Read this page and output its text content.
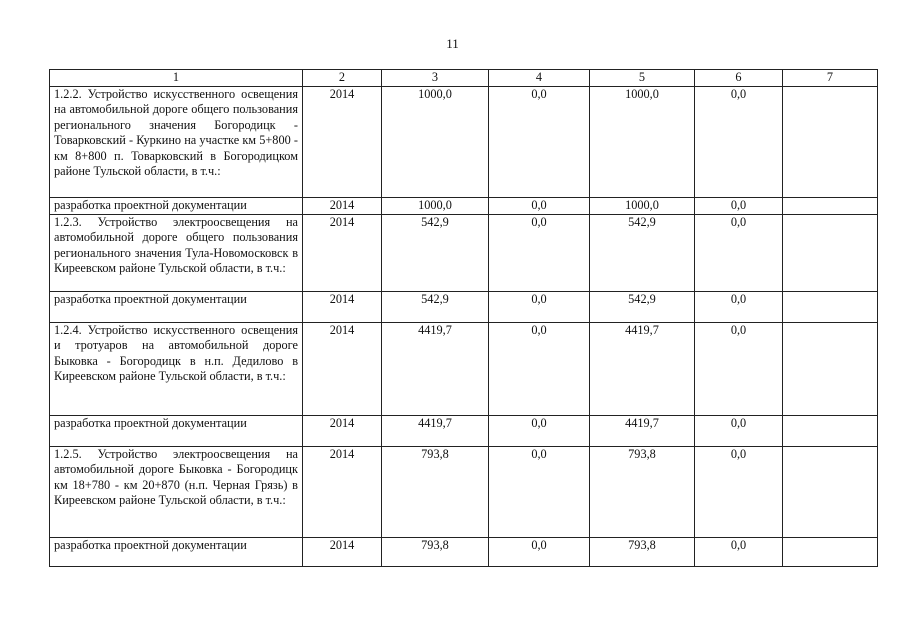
11
1	2	3	4	5	6	7
1.2.2. Устройство искусственного освещения на автомобильной дороге общего пользования регионального значения Богородицк - Товарковский - Куркино на участке км 5+800 - км 8+800 п. Товарковский в Богородицком районе Тульской области, в т.ч.:	2014	1000,0	0,0	1000,0	0,0	
разработка проектной документации	2014	1000,0	0,0	1000,0	0,0	
1.2.3. Устройство электроосвещения на автомобильной дороге общего пользования регионального значения Тула-Новомосковск в Киреевском районе Тульской области, в т.ч.:	2014	542,9	0,0	542,9	0,0	
разработка проектной документации	2014	542,9	0,0	542,9	0,0	
1.2.4. Устройство искусственного освещения и тротуаров на автомобильной дороге Быковка - Богородицк в н.п. Дедилово в Киреевском районе Тульской области, в т.ч.:	2014	4419,7	0,0	4419,7	0,0	
разработка проектной документации	2014	4419,7	0,0	4419,7	0,0	
1.2.5. Устройство электроосвещения на автомобильной дороге Быковка - Богородицк км 18+780 - км 20+870 (н.п. Черная Грязь) в Киреевском районе Тульской области, в т.ч.:	2014	793,8	0,0	793,8	0,0	
разработка проектной документации	2014	793,8	0,0	793,8	0,0	
